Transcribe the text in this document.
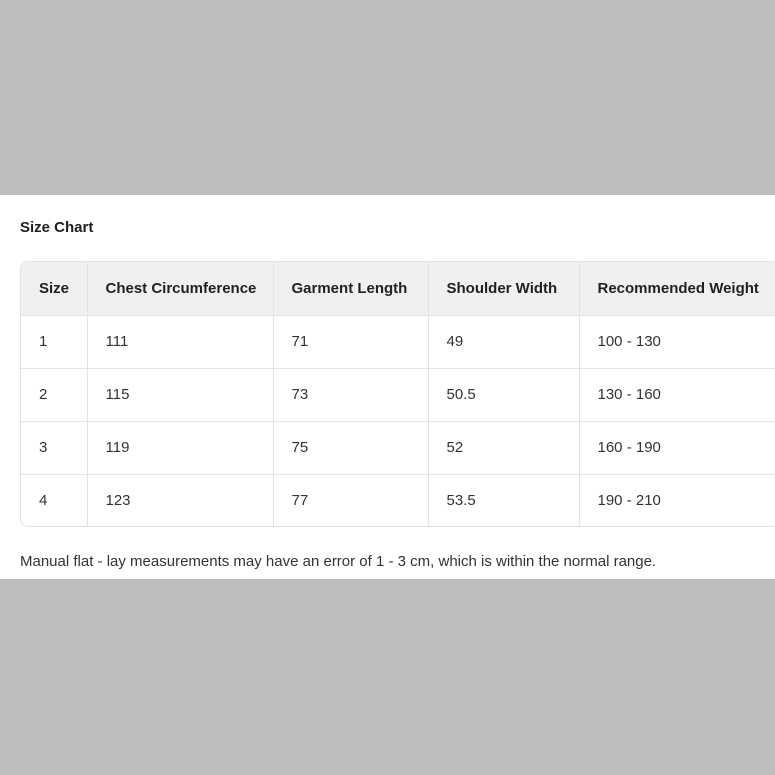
Size Chart
Size	Chest Circumference	Garment Length	Shoulder Width	Recommended Weight
1	111	71	49	100 - 130
2	115	73	50.5	130 - 160
3	119	75	52	160 - 190
4	123	77	53.5	190 - 210
Manual flat - lay measurements may have an error of 1 - 3 cm, which is within the normal range.
